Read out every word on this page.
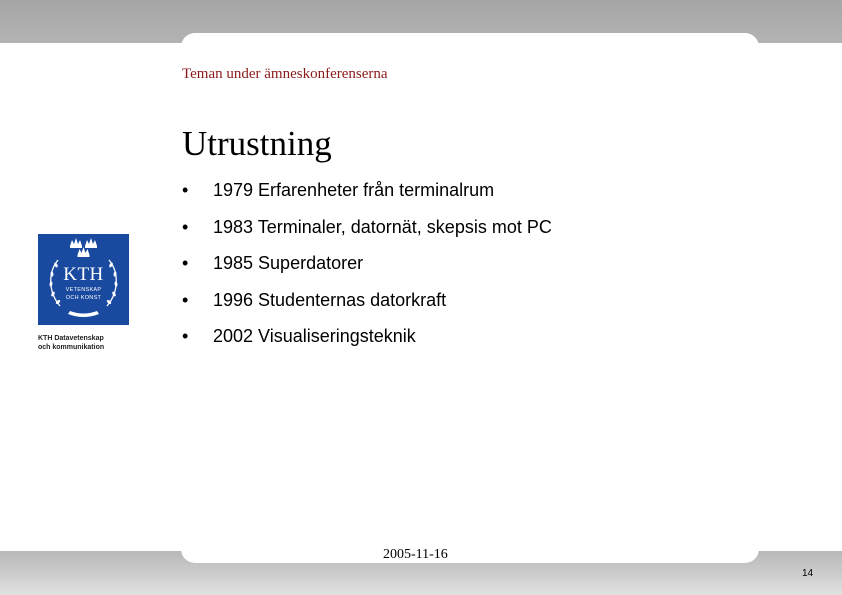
Teman under ämneskonferenserna
Utrustning
•	1979 Erfarenheter från terminalrum
•	1983 Terminaler, datornät, skepsis mot PC
•	1985 Superdatorer
•	1996 Studenternas datorkraft
•	2002 Visualiseringsteknik
KTH
VETENSKAP
OCH KONST
KTH Datavetenskap
och kommunikation
2005-11-16
14
